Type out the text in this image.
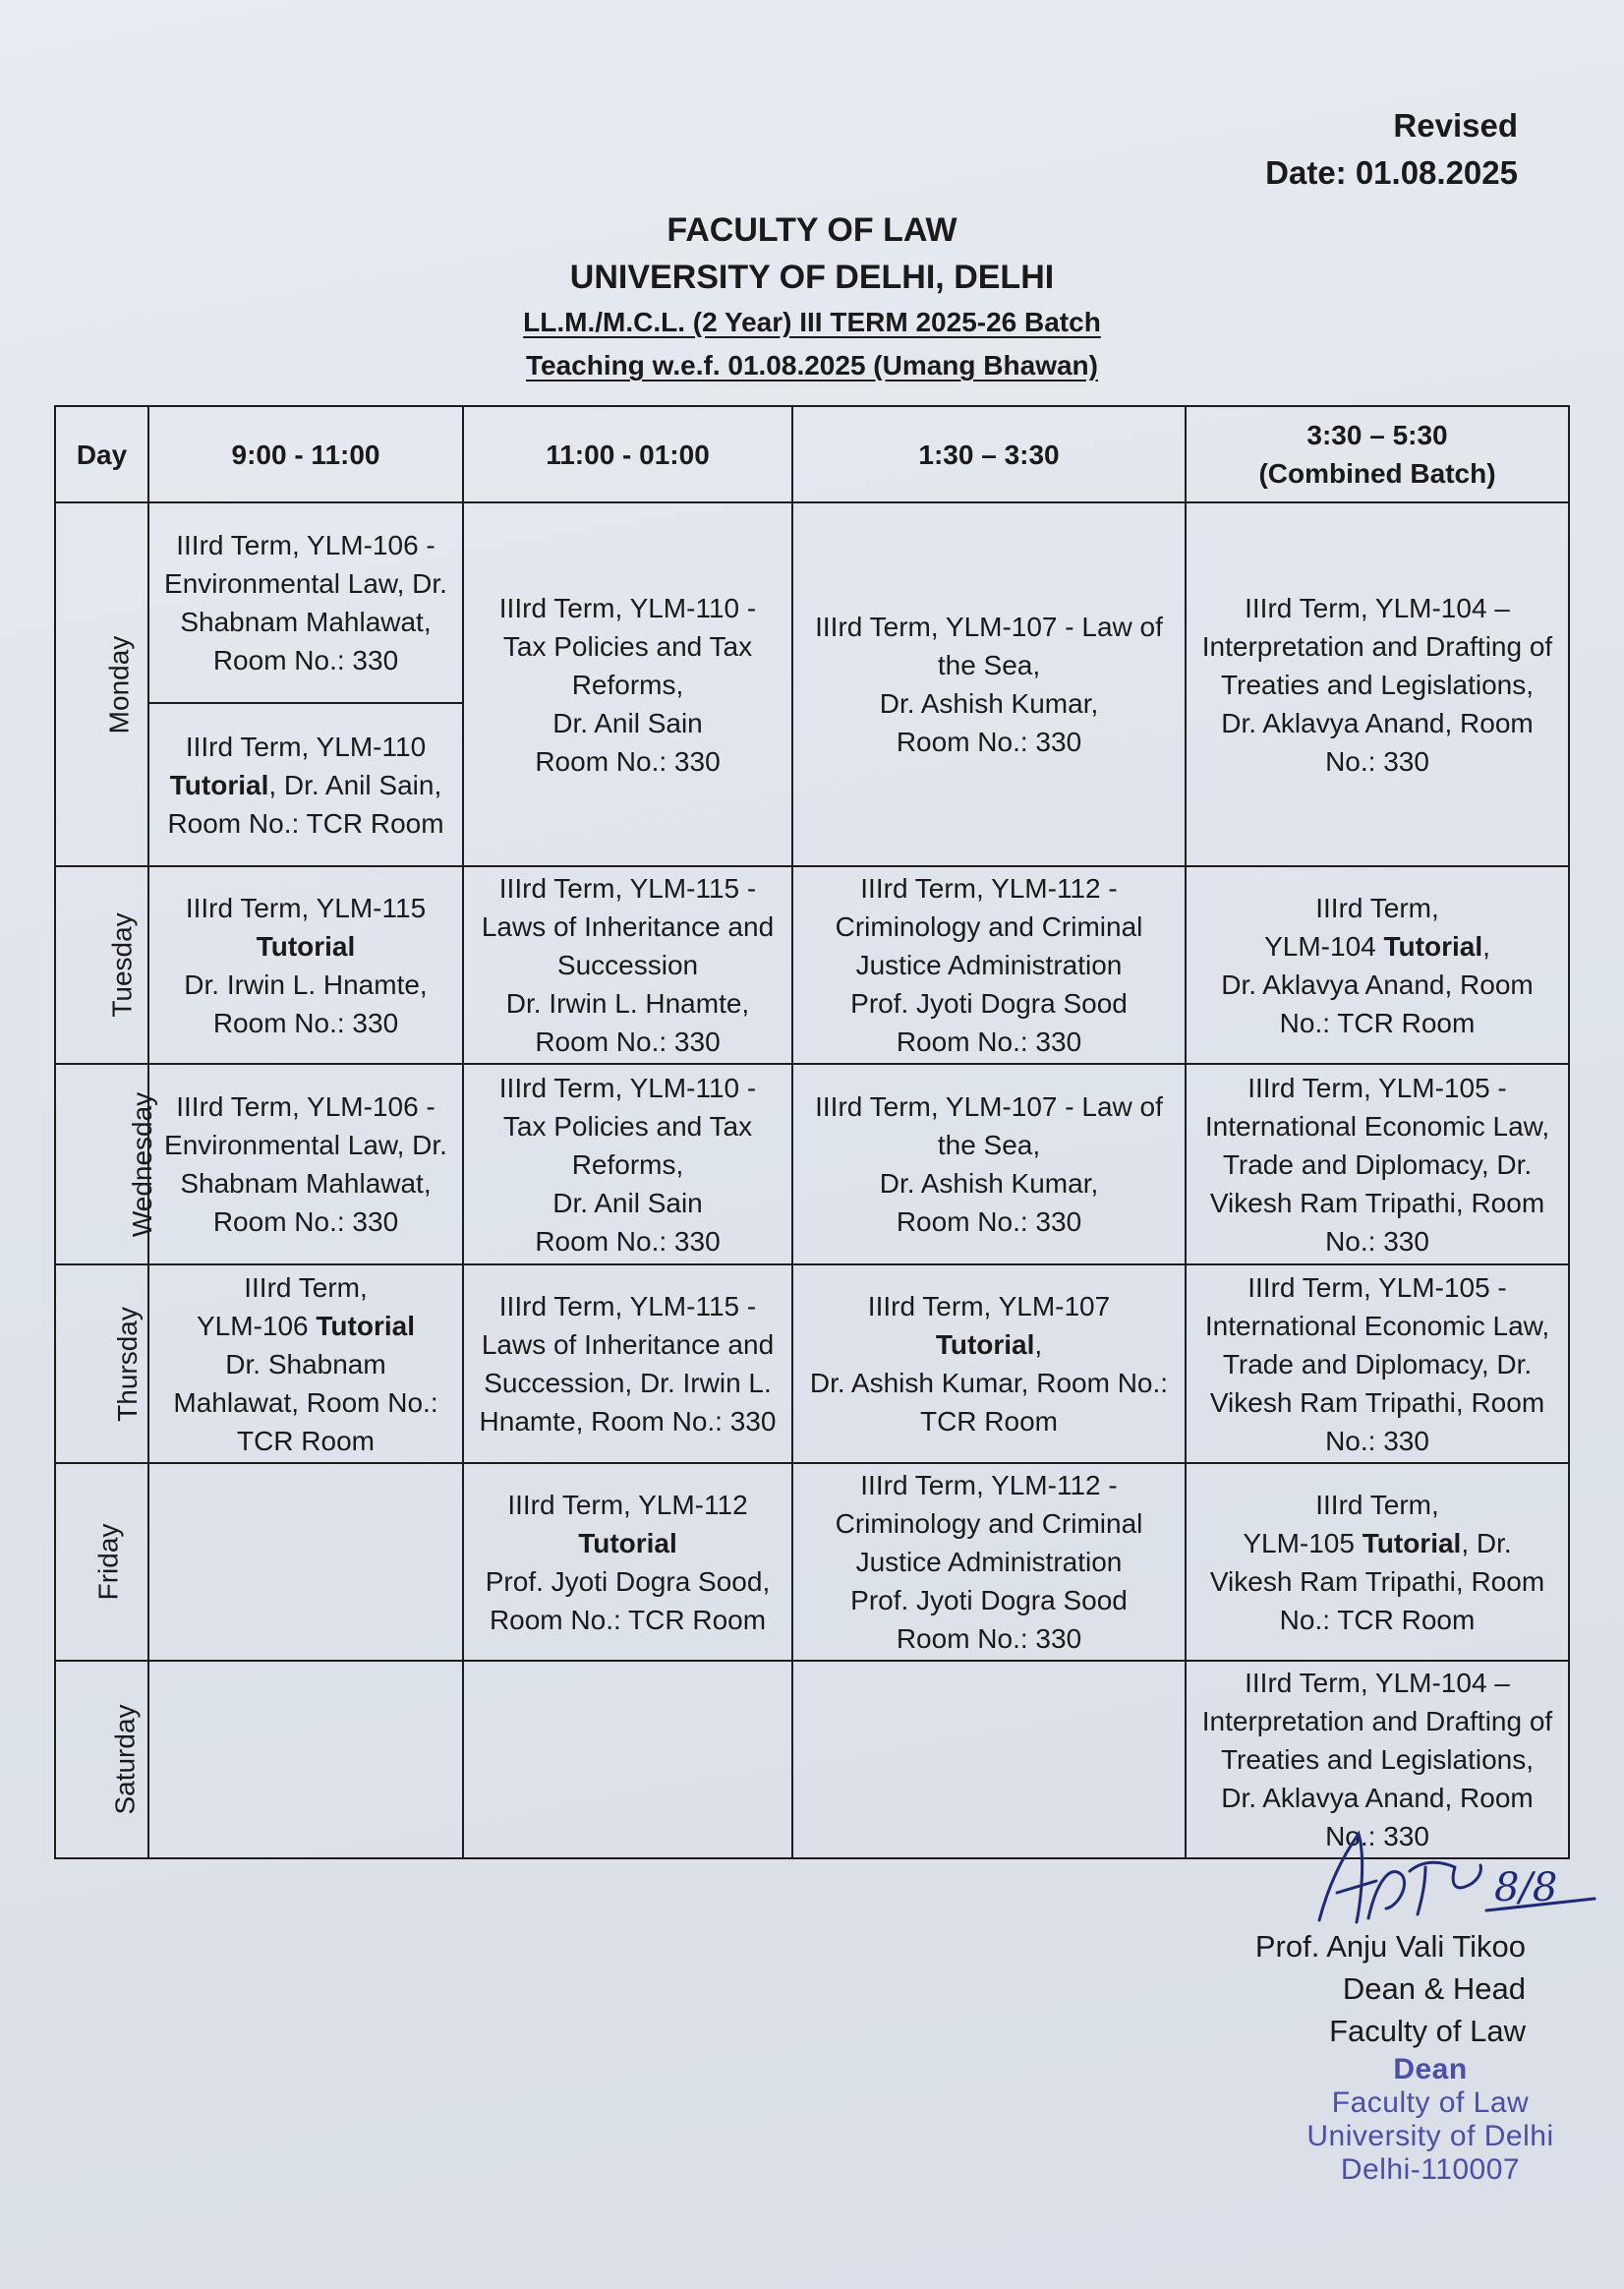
Revised
Date: 01.08.2025
FACULTY OF LAW
UNIVERSITY OF DELHI, DELHI
LL.M./M.C.L. (2 Year) III TERM 2025-26 Batch
Teaching w.e.f. 01.08.2025 (Umang Bhawan)
Day	9:00 - 11:00	11:00 - 01:00	1:30 – 3:30	3:30 – 5:30
(Combined Batch)
Monday	IIIrd Term, YLM-106 - Environmental Law, Dr. Shabnam Mahlawat, Room No.: 330	IIIrd Term, YLM-110 - Tax Policies and Tax Reforms,
Dr. Anil Sain
Room No.: 330	IIIrd Term, YLM-107 - Law of the Sea,
Dr. Ashish Kumar,
Room No.: 330	IIIrd Term, YLM-104 – Interpretation and Drafting of Treaties and Legislations, Dr. Aklavya Anand, Room No.: 330
	IIIrd Term, YLM-110
Tutorial, Dr. Anil Sain, Room No.: TCR Room			
Tuesday	IIIrd Term, YLM-115
Tutorial
Dr. Irwin L. Hnamte, Room No.: 330	IIIrd Term, YLM-115 - Laws of Inheritance and Succession
Dr. Irwin L. Hnamte, Room No.: 330	IIIrd Term, YLM-112 - Criminology and Criminal Justice Administration
Prof. Jyoti Dogra Sood
Room No.: 330	IIIrd Term,
YLM-104 Tutorial,
Dr. Aklavya Anand, Room No.: TCR Room
Wednesday	IIIrd Term, YLM-106 - Environmental Law, Dr. Shabnam Mahlawat,
Room No.: 330	IIIrd Term, YLM-110 - Tax Policies and Tax Reforms,
Dr. Anil Sain
Room No.: 330	IIIrd Term, YLM-107 - Law of the Sea,
Dr. Ashish Kumar,
Room No.: 330	IIIrd Term, YLM-105 - International Economic Law, Trade and Diplomacy, Dr. Vikesh Ram Tripathi, Room No.: 330
Thursday	IIIrd Term,
YLM-106 Tutorial
Dr. Shabnam Mahlawat, Room No.: TCR Room	IIIrd Term, YLM-115 - Laws of Inheritance and Succession, Dr. Irwin L. Hnamte, Room No.: 330	IIIrd Term, YLM-107
Tutorial,
Dr. Ashish Kumar, Room No.: TCR Room	IIIrd Term, YLM-105 - International Economic Law, Trade and Diplomacy, Dr. Vikesh Ram Tripathi, Room No.: 330
Friday		IIIrd Term, YLM-112
Tutorial
Prof. Jyoti Dogra Sood, Room No.: TCR Room	IIIrd Term, YLM-112 - Criminology and Criminal Justice Administration
Prof. Jyoti Dogra Sood
Room No.: 330	IIIrd Term,
YLM-105 Tutorial, Dr. Vikesh Ram Tripathi, Room No.: TCR Room
Saturday				IIIrd Term, YLM-104 – Interpretation and Drafting of Treaties and Legislations, Dr. Aklavya Anand, Room No.: 330
8/8
Prof. Anju Vali Tikoo
Dean & Head
Faculty of Law
Dean
Faculty of Law
University of Delhi
Delhi-110007
